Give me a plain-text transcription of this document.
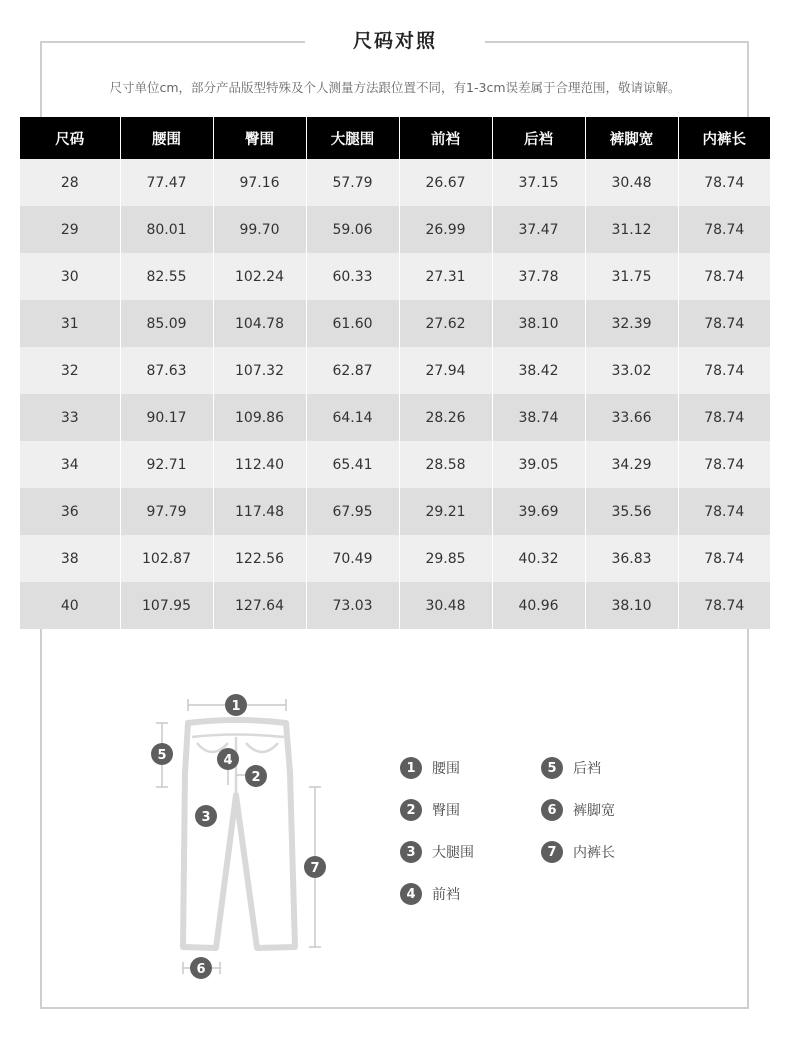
尺码对照
尺寸单位cm，部分产品版型特殊及个人测量方法跟位置不同，有1-3cm误差属于合理范围，敬请谅解。
尺码	腰围	臀围	大腿围	前裆	后裆	裤脚宽	内裤长
28	77.47	97.16	57.79	26.67	37.15	30.48	78.74
29	80.01	99.70	59.06	26.99	37.47	31.12	78.74
30	82.55	102.24	60.33	27.31	37.78	31.75	78.74
31	85.09	104.78	61.60	27.62	38.10	32.39	78.74
32	87.63	107.32	62.87	27.94	38.42	33.02	78.74
33	90.17	109.86	64.14	28.26	38.74	33.66	78.74
34	92.71	112.40	65.41	28.58	39.05	34.29	78.74
36	97.79	117.48	67.95	29.21	39.69	35.56	78.74
38	102.87	122.56	70.49	29.85	40.32	36.83	78.74
40	107.95	127.64	73.03	30.48	40.96	38.10	78.74
1
2
3
4
5
6
7
1	腰围
2	臀围
3	大腿围
4	前裆
5	后裆
6	裤脚宽
7	内裤长
